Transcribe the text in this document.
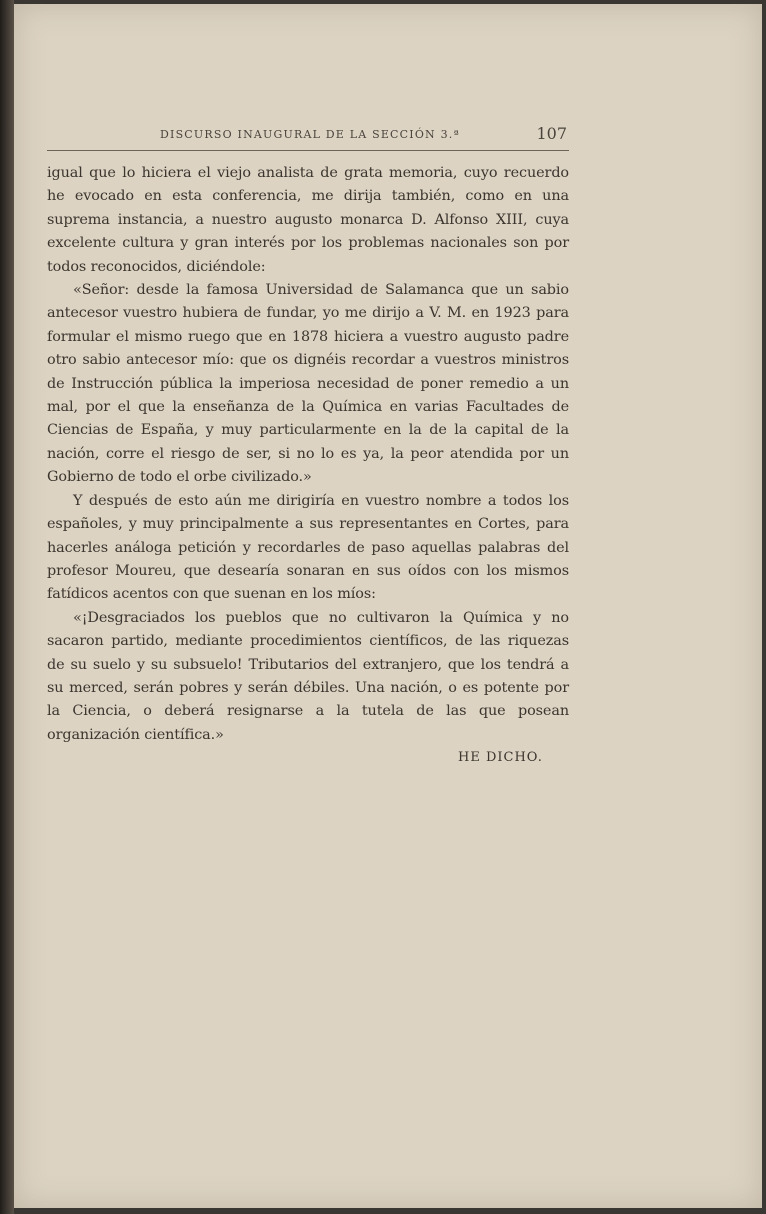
DISCURSO INAUGURAL DE LA SECCIÓN 3.ª	107

igual que lo hiciera el viejo analista de grata memoria, cuyo recuerdo he evocado en esta conferencia, me dirija también, como en una suprema instancia, a nuestro augusto monarca D. Alfonso XIII, cuya excelente cultura y gran interés por los problemas nacionales son por todos reconocidos, diciéndole:

«Señor: desde la famosa Universidad de Salamanca que un sabio antecesor vuestro hubiera de fundar, yo me dirijo a V. M. en 1923 para formular el mismo ruego que en 1878 hiciera a vuestro augusto padre otro sabio antecesor mío: que os dignéis recordar a vuestros ministros de Instrucción pública la imperiosa necesidad de poner remedio a un mal, por el que la enseñanza de la Química en varias Facultades de Ciencias de España, y muy particularmente en la de la capital de la nación, corre el riesgo de ser, si no lo es ya, la peor atendida por un Gobierno de todo el orbe civilizado.»

Y después de esto aún me dirigiría en vuestro nombre a todos los españoles, y muy principalmente a sus representantes en Cortes, para hacerles análoga petición y recordarles de paso aquellas palabras del profesor Moureu, que desearía sonaran en sus oídos con los mismos fatídicos acentos con que suenan en los míos:

«¡Desgraciados los pueblos que no cultivaron la Química y no sacaron partido, mediante procedimientos científicos, de las riquezas de su suelo y su subsuelo! Tributarios del extranjero, que los tendrá a su merced, serán pobres y serán débiles. Una nación, o es potente por la Ciencia, o deberá resignarse a la tutela de las que posean organización científica.»

HE DICHO.
